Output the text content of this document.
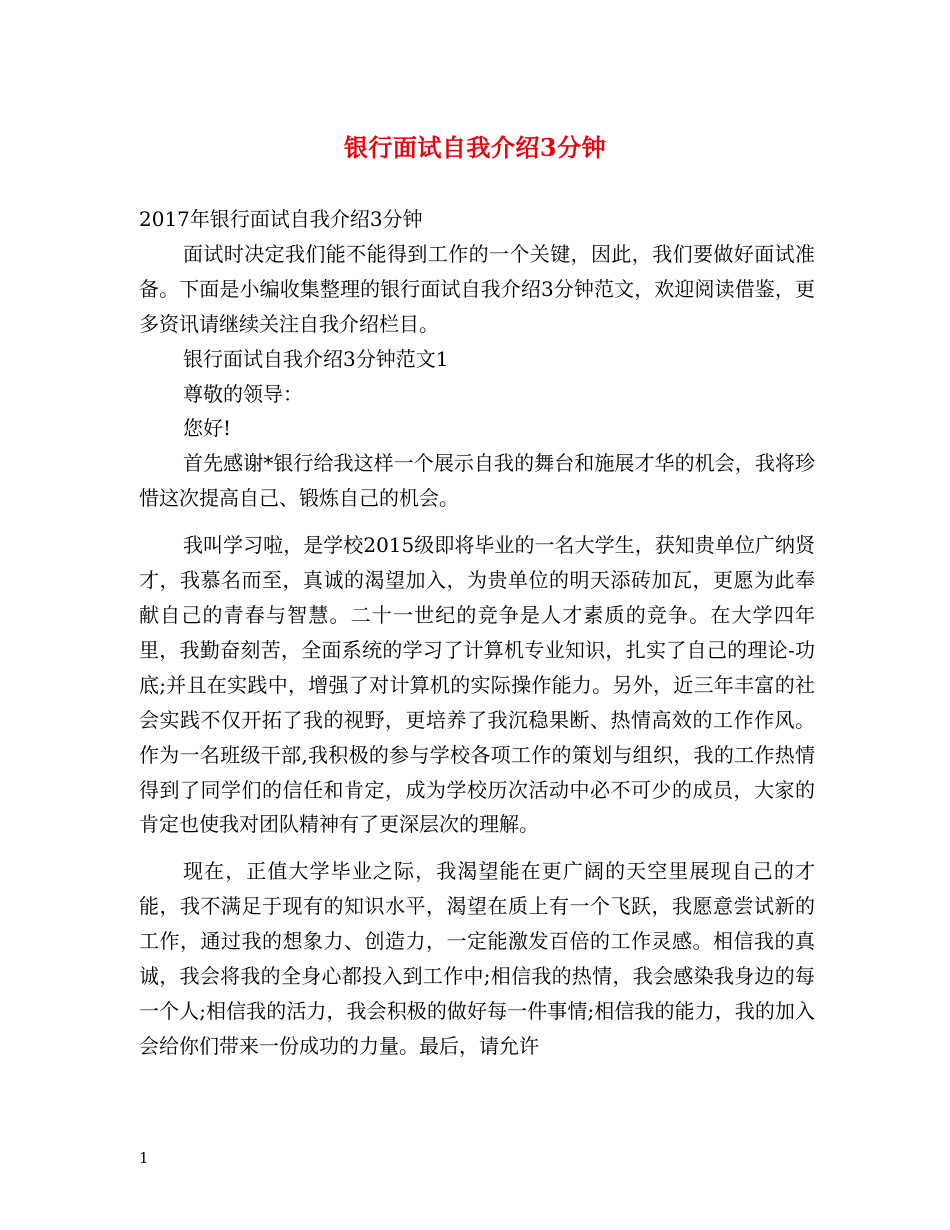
银行面试自我介绍3分钟

2017年银行面试自我介绍3分钟

面试时决定我们能不能得到工作的一个关键，因此，我们要做好面试准备。下面是小编收集整理的银行面试自我介绍3分钟范文，欢迎阅读借鉴，更多资讯请继续关注自我介绍栏目。

银行面试自我介绍3分钟范文1

尊敬的领导：

您好!

首先感谢*银行给我这样一个展示自我的舞台和施展才华的机会，我将珍惜这次提高自己、锻炼自己的机会。

我叫学习啦，是学校2015级即将毕业的一名大学生，获知贵单位广纳贤才，我慕名而至，真诚的渴望加入，为贵单位的明天添砖加瓦，更愿为此奉献自己的青春与智慧。二十一世纪的竞争是人才素质的竞争。在大学四年里，我勤奋刻苦，全面系统的学习了计算机专业知识，扎实了自己的理论-功底;并且在实践中，增强了对计算机的实际操作能力。另外，近三年丰富的社会实践不仅开拓了我的视野，更培养了我沉稳果断、热情高效的工作作风。作为一名班级干部,我积极的参与学校各项工作的策划与组织，我的工作热情得到了同学们的信任和肯定，成为学校历次活动中必不可少的成员，大家的肯定也使我对团队精神有了更深层次的理解。

现在，正值大学毕业之际，我渴望能在更广阔的天空里展现自己的才能，我不满足于现有的知识水平，渴望在质上有一个飞跃，我愿意尝试新的工作，通过我的想象力、创造力，一定能激发百倍的工作灵感。相信我的真诚，我会将我的全身心都投入到工作中;相信我的热情，我会感染我身边的每一个人;相信我的活力，我会积极的做好每一件事情;相信我的能力，我的加入会给你们带来一份成功的力量。最后，请允许

1
